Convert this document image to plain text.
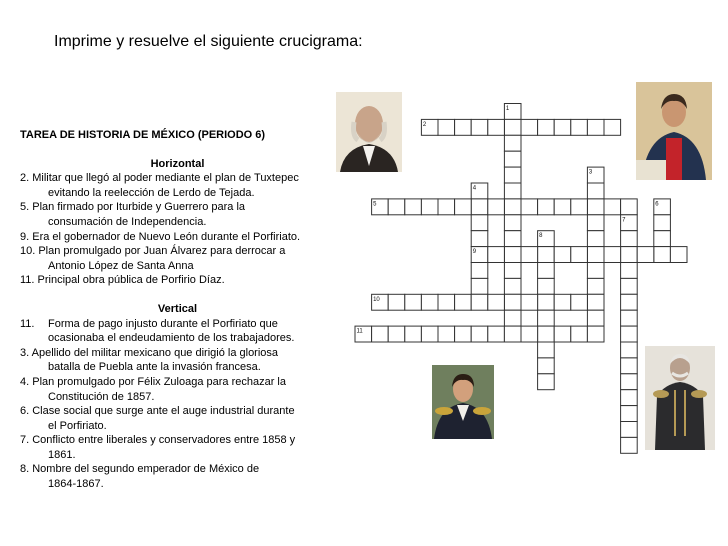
Imprime y resuelve el siguiente crucigrama:
TAREA DE HISTORIA DE MÉXICO (PERIODO 6)
Horizontal
2. Militar que llegó al poder mediante el plan de Tuxtepec
evitando la reelección de Lerdo de Tejada.
5. Plan firmado por Iturbide y Guerrero para la
consumación de Independencia.
9. Era el gobernador de Nuevo León durante el Porfiriato.
10. Plan promulgado por Juan Álvarez para derrocar a
Antonio López de Santa Anna
11. Principal obra pública de Porfirio Díaz.
Vertical
11.	Forma de pago injusto durante el Porfiriato que
ocasionaba el endeudamiento de los trabajadores.
3. Apellido del militar mexicano que dirigió la gloriosa
batalla de Puebla ante la invasión francesa.
4. Plan promulgado por Félix Zuloaga para rechazar la
Constitución de 1857.
6. Clase social que surge ante el auge industrial durante
el Porfiriato.
7. Conflicto entre liberales y conservadores entre 1858 y
1861.
8. Nombre del segundo emperador de México de
1864-1867.
1
2
3
4
5	6
7
8
9
10
11
